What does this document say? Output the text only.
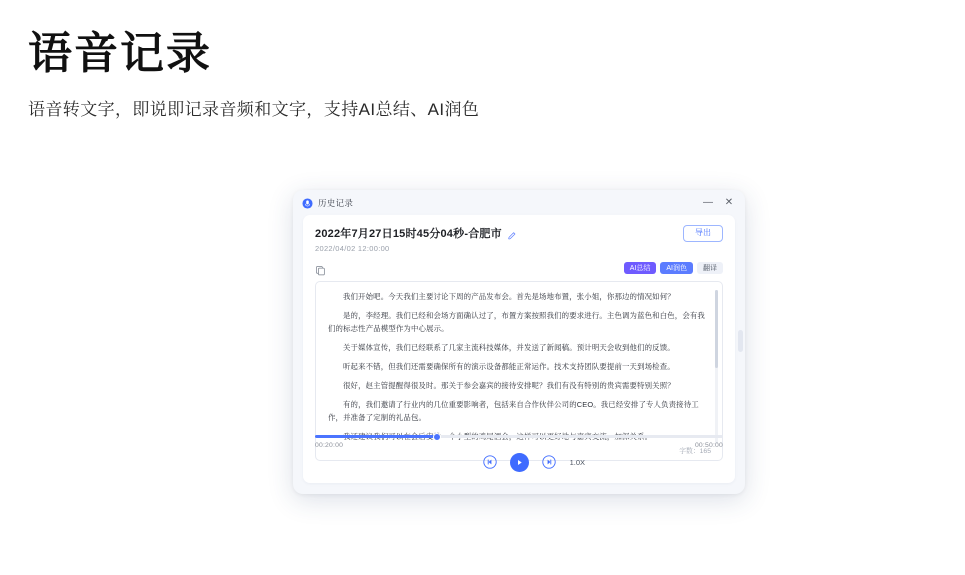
语音记录

语音转文字，即说即记录音频和文字，支持AI总结、AI润色

历史记录	— ✕
2022年7月27日15时45分04秒-合肥市
2022/04/02 12:00:00
导出
AI总结	AI润色	翻译

我们开始吧。今天我们主要讨论下周的产品发布会。首先是场地布置，张小姐，你那边的情况如何？

是的，李经理。我们已经和会场方面确认过了，布置方案按照我们的要求进行。主色调为蓝色和白色，会有我们的标志性产品模型作为中心展示。

关于媒体宣传，我们已经联系了几家主流科技媒体，并发送了新闻稿。预计明天会收到他们的反馈。

听起来不错，但我们还需要确保所有的演示设备都能正常运作。技术支持团队要提前一天到场检查。

很好，赵主管提醒得很及时。那关于参会嘉宾的接待安排呢？我们有没有特别的贵宾需要特别关照？

有的，我们邀请了行业内的几位重要影响者，包括来自合作伙伴公司的CEO。我已经安排了专人负责接待工作，并准备了定制的礼品包。

字数：165
00:20:00	00:50:00
1.0X
